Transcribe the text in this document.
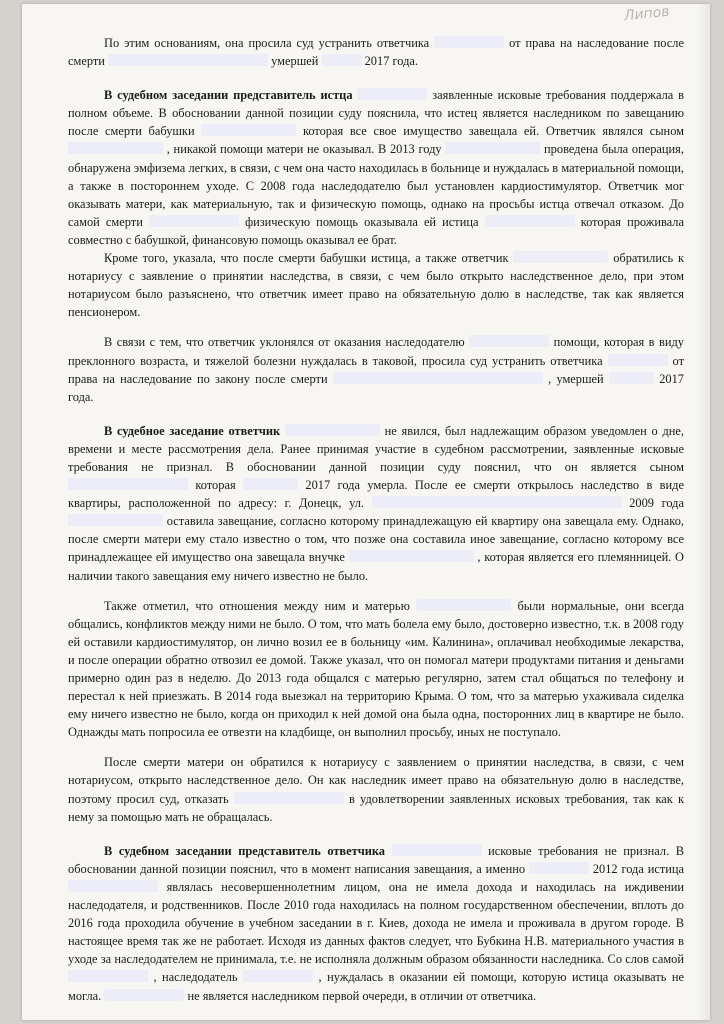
Липов

По этим основаниям, она просила суд устранить ответчика	от права на наследование после смерти	умершей	2017 года.

В судебном заседании представитель истца	заявленные исковые требования поддержала в полном объеме. В обосновании данной позиции суду пояснила, что истец является наследником по завещанию после смерти бабушки	которая все свое имущество завещала ей. Ответчик являлся сыном  , никакой помощи матери не оказывал. В 2013 году	проведена была операция, обнаружена эмфизема легких, в связи, с чем она часто находилась в больнице и нуждалась в материальной помощи, а также в постороннем уходе. С 2008 года наследодателю был установлен кардиостимулятор. Ответчик мог оказывать матери, как материальную, так и физическую помощь, однако на просьбы истца отвечал отказом. До самой смерти	физическую помощь оказывала ей истица	которая проживала совместно с бабушкой, финансовую помощь оказывал ее брат.

Кроме того, указала, что после смерти бабушки истица, а также ответчик	обратились к нотариусу с заявление о принятии наследства, в связи, с чем было открыто наследственное дело, при этом нотариусом было разъяснено, что ответчик имеет право на обязательную долю в наследстве, так как является пенсионером.

В связи с тем, что ответчик уклонялся от оказания наследодателю	помощи, которая в виду преклонного возраста, и тяжелой болезни нуждалась в таковой, просила суд устранить ответчика	от права на наследование по закону после смерти	, умершей	2017 года.

В судебное заседание ответчик	не явился, был надлежащим образом уведомлен о дне, времени и месте рассмотрения дела. Ранее принимая участие в судебном рассмотрении, заявленные исковые требования не признал. В обосновании данной позиции суду пояснил, что он является сыном  которая	2017 года умерла. После ее смерти открылось наследство в виде квартиры, расположенной по адресу: г. Донецк, ул.	2009 года  оставила завещание, согласно которому принадлежащую ей квартиру она завещала ему. Однако, после смерти матери ему стало известно о том, что позже она составила иное завещание, согласно которому все принадлежащее ей имущество она завещала внучке	, которая является его племянницей. О наличии такого завещания ему ничего известно не было.

Также отметил, что отношения между ним и матерью	были нормальные, они всегда общались, конфликтов между ними не было. О том, что мать болела ему было, достоверно известно, т.к. в 2008 году ей оставили кардиостимулятор, он лично возил ее в больницу «им. Калинина», оплачивал необходимые лекарства, и после операции обратно отвозил ее домой. Также указал, что он помогал матери продуктами питания и деньгами примерно один раз в неделю. До 2013 года общался с матерью регулярно, затем стал общаться по телефону и перестал к ней приезжать. В 2014 года выезжал на территорию Крыма. О том, что за матерью ухаживала сиделка ему ничего известно не было, когда он приходил к ней домой она была одна, посторонних лиц в квартире не было. Однажды мать попросила ее отвезти на кладбище, он выполнил просьбу, иных не поступало.

После смерти матери он обратился к нотариусу с заявлением о принятии наследства, в связи, с чем нотариусом, открыто наследственное дело. Он как наследник имеет право на обязательную долю в наследстве, поэтому просил суд, отказать	в удовлетворении заявленных исковых требования, так как к нему за помощью мать не обращалась.

В судебном заседании представитель ответчика	исковые требования не признал. В обосновании данной позиции пояснил, что в момент написания завещания, а именно	2012 года истица  являлась несовершеннолетним лицом, она не имела дохода и находилась на иждивении наследодателя, и родственников. После 2010 года находилась на полном государственном обеспечении, вплоть до 2016 года проходила обучение в учебном заседании в г. Киев, дохода не имела и проживала в другом городе. В настоящее время так же не работает. Исходя из данных фактов следует, что Бубкина Н.В. материального участия в уходе за наследодателем не принимала, т.е. не исполняла должным образом обязанности наследника. Со слов самой  , наследодатель	, нуждалась в оказании ей помощи, которую истица оказывать не могла.	не является наследником первой очереди, в отличии от ответчика.
